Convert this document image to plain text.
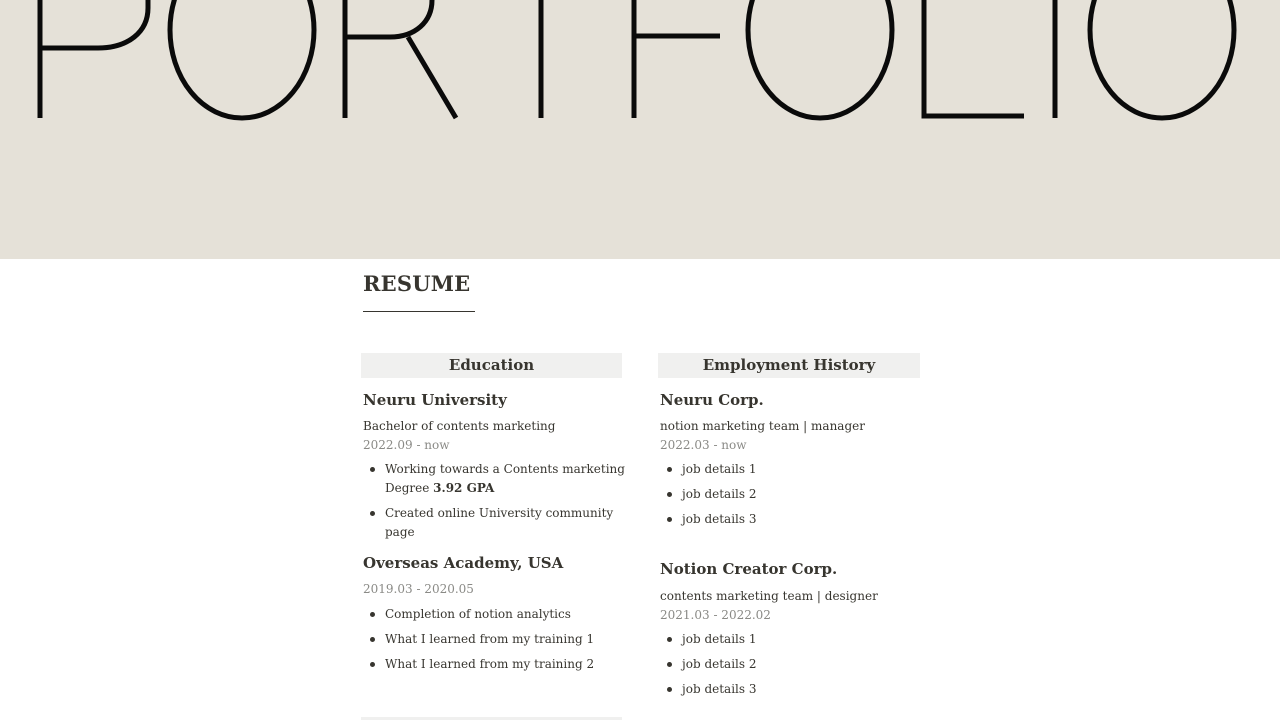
RESUME
Education
Neuru University
Bachelor of contents marketing
2022.09 - now
Working towards a Contents marketing Degree 3.92 GPA
Created online University community page
Overseas Academy, USA
2019.03 - 2020.05
Completion of notion analytics
What I learned from my training 1
What I learned from my training 2
Employment History
Neuru Corp.
notion marketing team | manager
2022.03 - now
job details 1
job details 2
job details 3
Notion Creator Corp.
contents marketing team | designer
2021.03 - 2022.02
job details 1
job details 2
job details 3
